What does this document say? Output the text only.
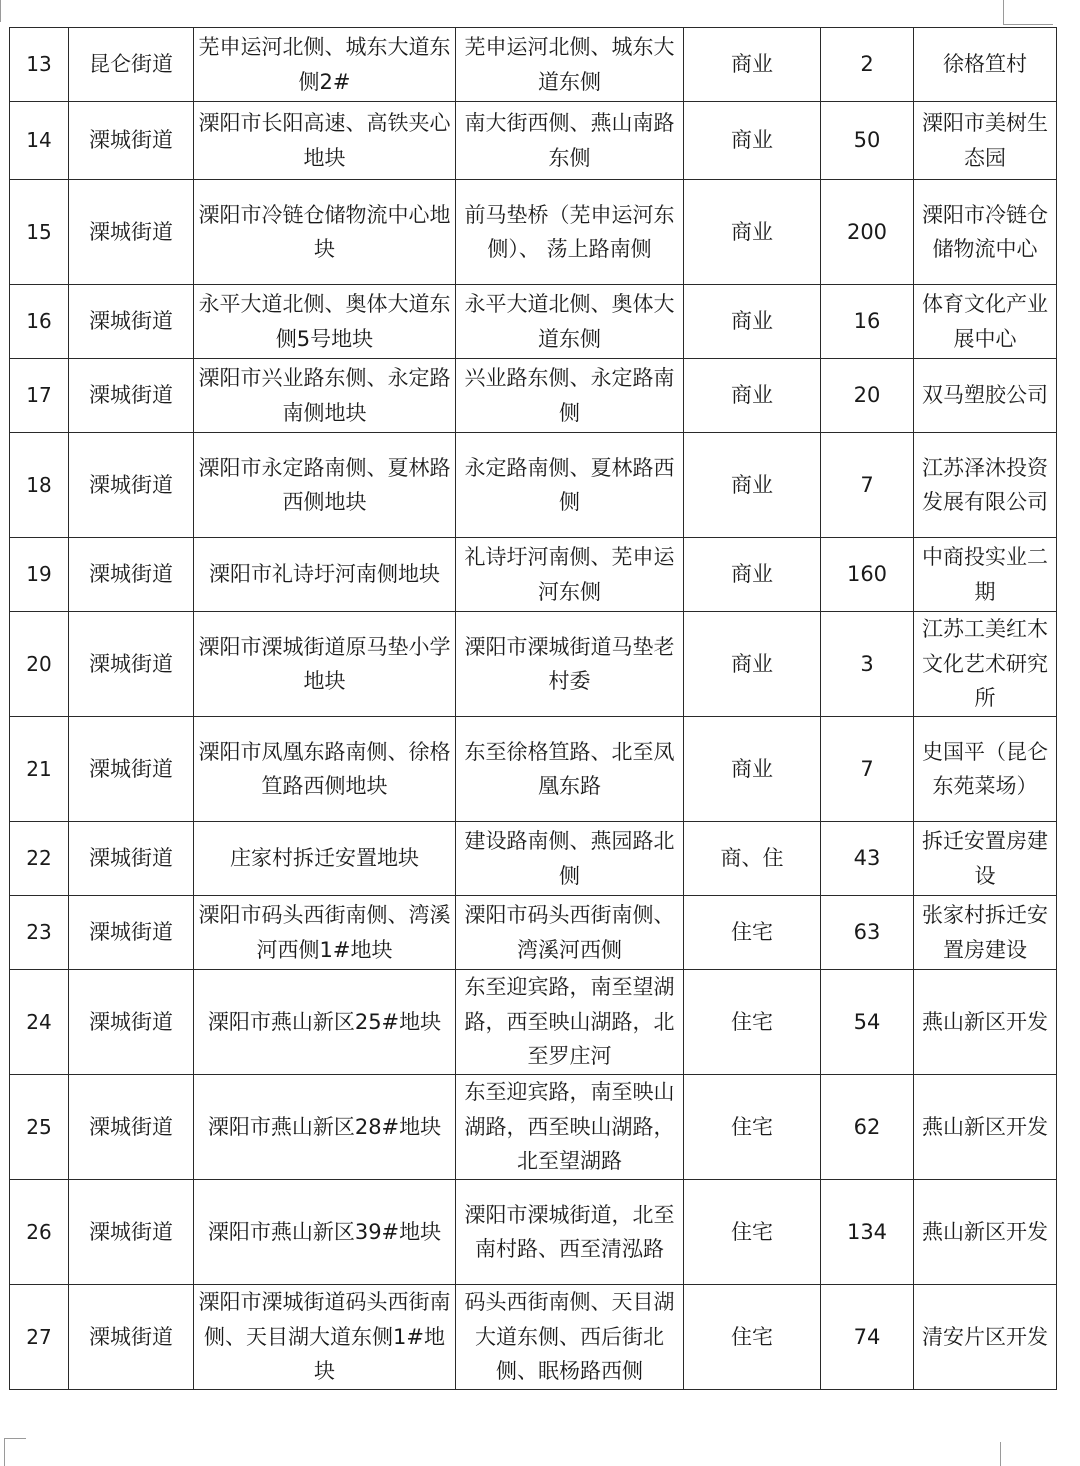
13	昆仑街道	芜申运河北侧、城东大道东侧2#	芜申运河北侧、城东大道东侧	商业	2	徐格笪村
14	溧城街道	溧阳市长阳高速、高铁夹心地块	南大街西侧、燕山南路东侧	商业	50	溧阳市美树生态园
15	溧城街道	溧阳市冷链仓储物流中心地块	前马垫桥（芜申运河东侧）、 荡上路南侧	商业	200	溧阳市冷链仓储物流中心
16	溧城街道	永平大道北侧、奥体大道东侧5号地块	永平大道北侧、奥体大道东侧	商业	16	体育文化产业展中心
17	溧城街道	溧阳市兴业路东侧、永定路南侧地块	兴业路东侧、永定路南侧	商业	20	双马塑胶公司
18	溧城街道	溧阳市永定路南侧、夏林路西侧地块	永定路南侧、夏林路西侧	商业	7	江苏泽沐投资发展有限公司
19	溧城街道	溧阳市礼诗圩河南侧地块	礼诗圩河南侧、芜申运河东侧	商业	160	中商投实业二期
20	溧城街道	溧阳市溧城街道原马垫小学地块	溧阳市溧城街道马垫老村委	商业	3	江苏工美红木文化艺术研究所
21	溧城街道	溧阳市凤凰东路南侧、徐格笪路西侧地块	东至徐格笪路、北至凤凰东路	商业	7	史国平（昆仑东苑菜场）
22	溧城街道	庄家村拆迁安置地块	建设路南侧、燕园路北侧	商、住	43	拆迁安置房建设
23	溧城街道	溧阳市码头西街南侧、湾溪河西侧1#地块	溧阳市码头西街南侧、湾溪河西侧	住宅	63	张家村拆迁安置房建设
24	溧城街道	溧阳市燕山新区25#地块	东至迎宾路，南至望湖路，西至映山湖路，北至罗庄河	住宅	54	燕山新区开发
25	溧城街道	溧阳市燕山新区28#地块	东至迎宾路，南至映山湖路，西至映山湖路，北至望湖路	住宅	62	燕山新区开发
26	溧城街道	溧阳市燕山新区39#地块	溧阳市溧城街道，北至南村路、西至清泓路	住宅	134	燕山新区开发
27	溧城街道	溧阳市溧城街道码头西街南侧、天目湖大道东侧1#地块	码头西街南侧、天目湖大道东侧、西后街北侧、眠杨路西侧	住宅	74	清安片区开发
